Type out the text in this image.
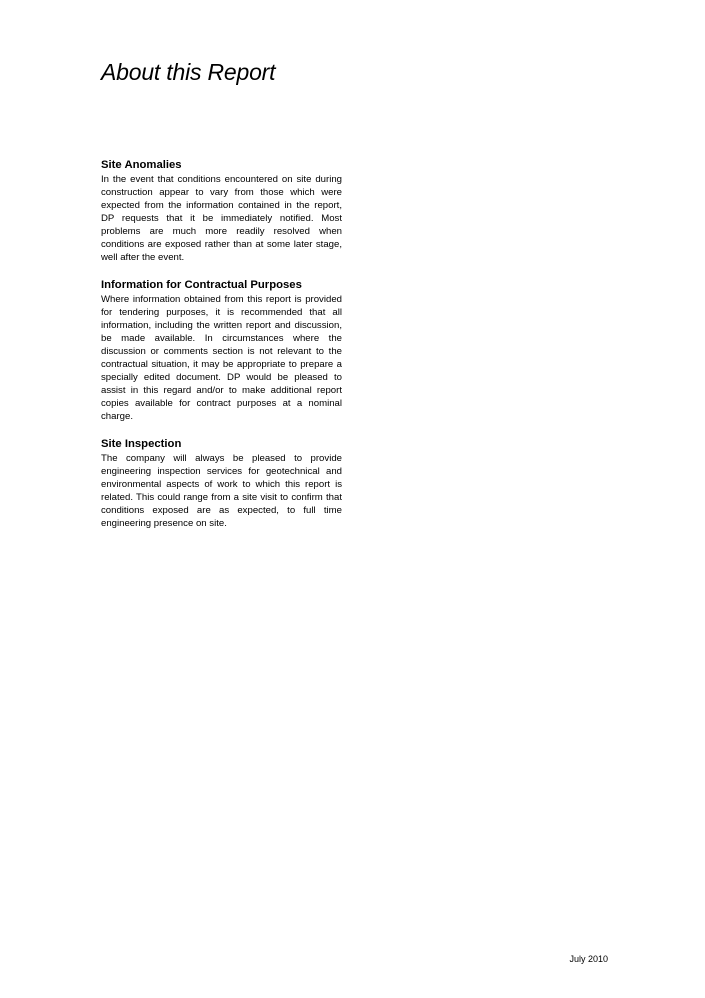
About this Report
Site Anomalies

In the event that conditions encountered on site during construction appear to vary from those which were expected from the information contained in the report, DP requests that it be immediately notified. Most problems are much more readily resolved when conditions are exposed rather than at some later stage, well after the event.

Information for Contractual Purposes

Where information obtained from this report is provided for tendering purposes, it is recommended that all information, including the written report and discussion, be made available. In circumstances where the discussion or comments section is not relevant to the contractual situation, it may be appropriate to prepare a specially edited document. DP would be pleased to assist in this regard and/or to make additional report copies available for contract purposes at a nominal charge.

Site Inspection

The company will always be pleased to provide engineering inspection services for geotechnical and environmental aspects of work to which this report is related. This could range from a site visit to confirm that conditions exposed are as expected, to full time engineering presence on site.

July 2010
